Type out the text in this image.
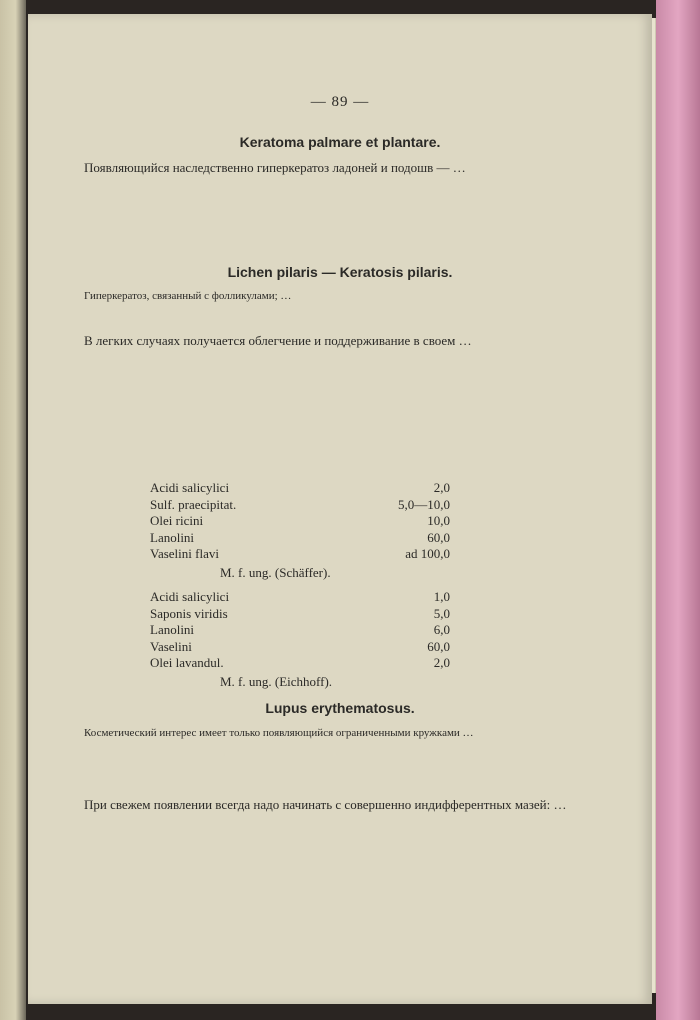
— 89 —
Keratoma palmare et plantare.
Появляющийся наследственно гиперкератоз ладоней и подошв — …
Lichen pilaris — Keratosis pilaris.
Гиперкератоз, связанный с фолликулами; …
В легких случаях получается облегчение и поддерживание в своем …
Acidi salicylici	2,0
Sulf. praecipitat.	5,0—10,0
Olei ricini	10,0
Lanolini	60,0
Vaselini flavi	ad 100,0
M. f. ung. (Schäffer).
Acidi salicylici	1,0
Saponis viridis	5,0
Lanolini	6,0
Vaselini	60,0
Olei lavandul.	2,0
M. f. ung. (Eichhoff).
Lupus erythematosus.
Косметический интерес имеет только появляющийся ограниченными кружками …
При свежем появлении всегда надо начинать с совершенно индифферентных мазей: …
